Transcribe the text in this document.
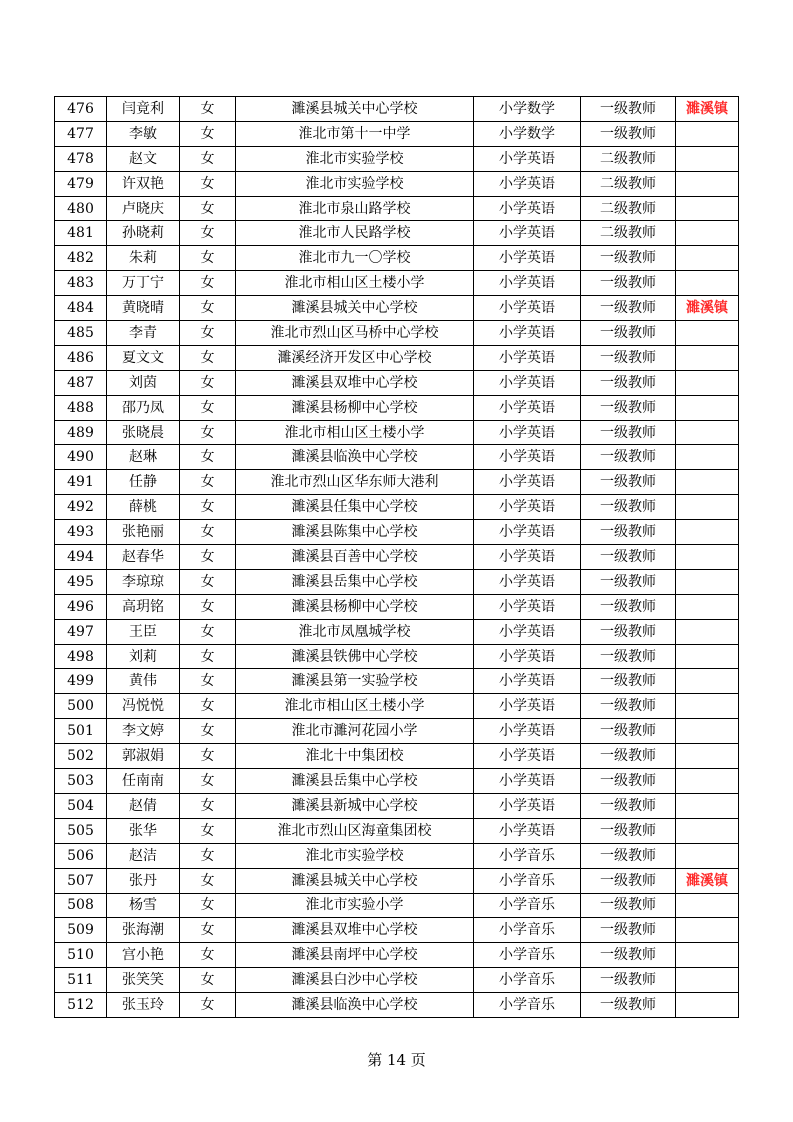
476	闫竟利	女	濉溪县城关中心学校	小学数学	一级教师	濉溪镇
477	李敏	女	淮北市第十一中学	小学数学	一级教师	
478	赵文	女	淮北市实验学校	小学英语	二级教师	
479	许双艳	女	淮北市实验学校	小学英语	二级教师	
480	卢晓庆	女	淮北市泉山路学校	小学英语	二级教师	
481	孙晓莉	女	淮北市人民路学校	小学英语	二级教师	
482	朱莉	女	淮北市九一〇学校	小学英语	一级教师	
483	万丁宁	女	淮北市相山区土楼小学	小学英语	一级教师	
484	黄晓晴	女	濉溪县城关中心学校	小学英语	一级教师	濉溪镇
485	李青	女	淮北市烈山区马桥中心学校	小学英语	一级教师	
486	夏文文	女	濉溪经济开发区中心学校	小学英语	一级教师	
487	刘茵	女	濉溪县双堆中心学校	小学英语	一级教师	
488	邵乃凤	女	濉溪县杨柳中心学校	小学英语	一级教师	
489	张晓晨	女	淮北市相山区土楼小学	小学英语	一级教师	
490	赵琳	女	濉溪县临涣中心学校	小学英语	一级教师	
491	任静	女	淮北市烈山区华东师大港利	小学英语	一级教师	
492	薛桃	女	濉溪县任集中心学校	小学英语	一级教师	
493	张艳丽	女	濉溪县陈集中心学校	小学英语	一级教师	
494	赵春华	女	濉溪县百善中心学校	小学英语	一级教师	
495	李琼琼	女	濉溪县岳集中心学校	小学英语	一级教师	
496	高玥铭	女	濉溪县杨柳中心学校	小学英语	一级教师	
497	王臣	女	淮北市凤凰城学校	小学英语	一级教师	
498	刘莉	女	濉溪县铁佛中心学校	小学英语	一级教师	
499	黄伟	女	濉溪县第一实验学校	小学英语	一级教师	
500	冯悦悦	女	淮北市相山区土楼小学	小学英语	一级教师	
501	李文婷	女	淮北市濉河花园小学	小学英语	一级教师	
502	郭淑娟	女	淮北十中集团校	小学英语	一级教师	
503	任南南	女	濉溪县岳集中心学校	小学英语	一级教师	
504	赵倩	女	濉溪县新城中心学校	小学英语	一级教师	
505	张华	女	淮北市烈山区海童集团校	小学英语	一级教师	
506	赵洁	女	淮北市实验学校	小学音乐	一级教师	
507	张丹	女	濉溪县城关中心学校	小学音乐	一级教师	濉溪镇
508	杨雪	女	淮北市实验小学	小学音乐	一级教师	
509	张海潮	女	濉溪县双堆中心学校	小学音乐	一级教师	
510	宫小艳	女	濉溪县南坪中心学校	小学音乐	一级教师	
511	张笑笑	女	濉溪县白沙中心学校	小学音乐	一级教师	
512	张玉玲	女	濉溪县临涣中心学校	小学音乐	一级教师	
第 14 页
